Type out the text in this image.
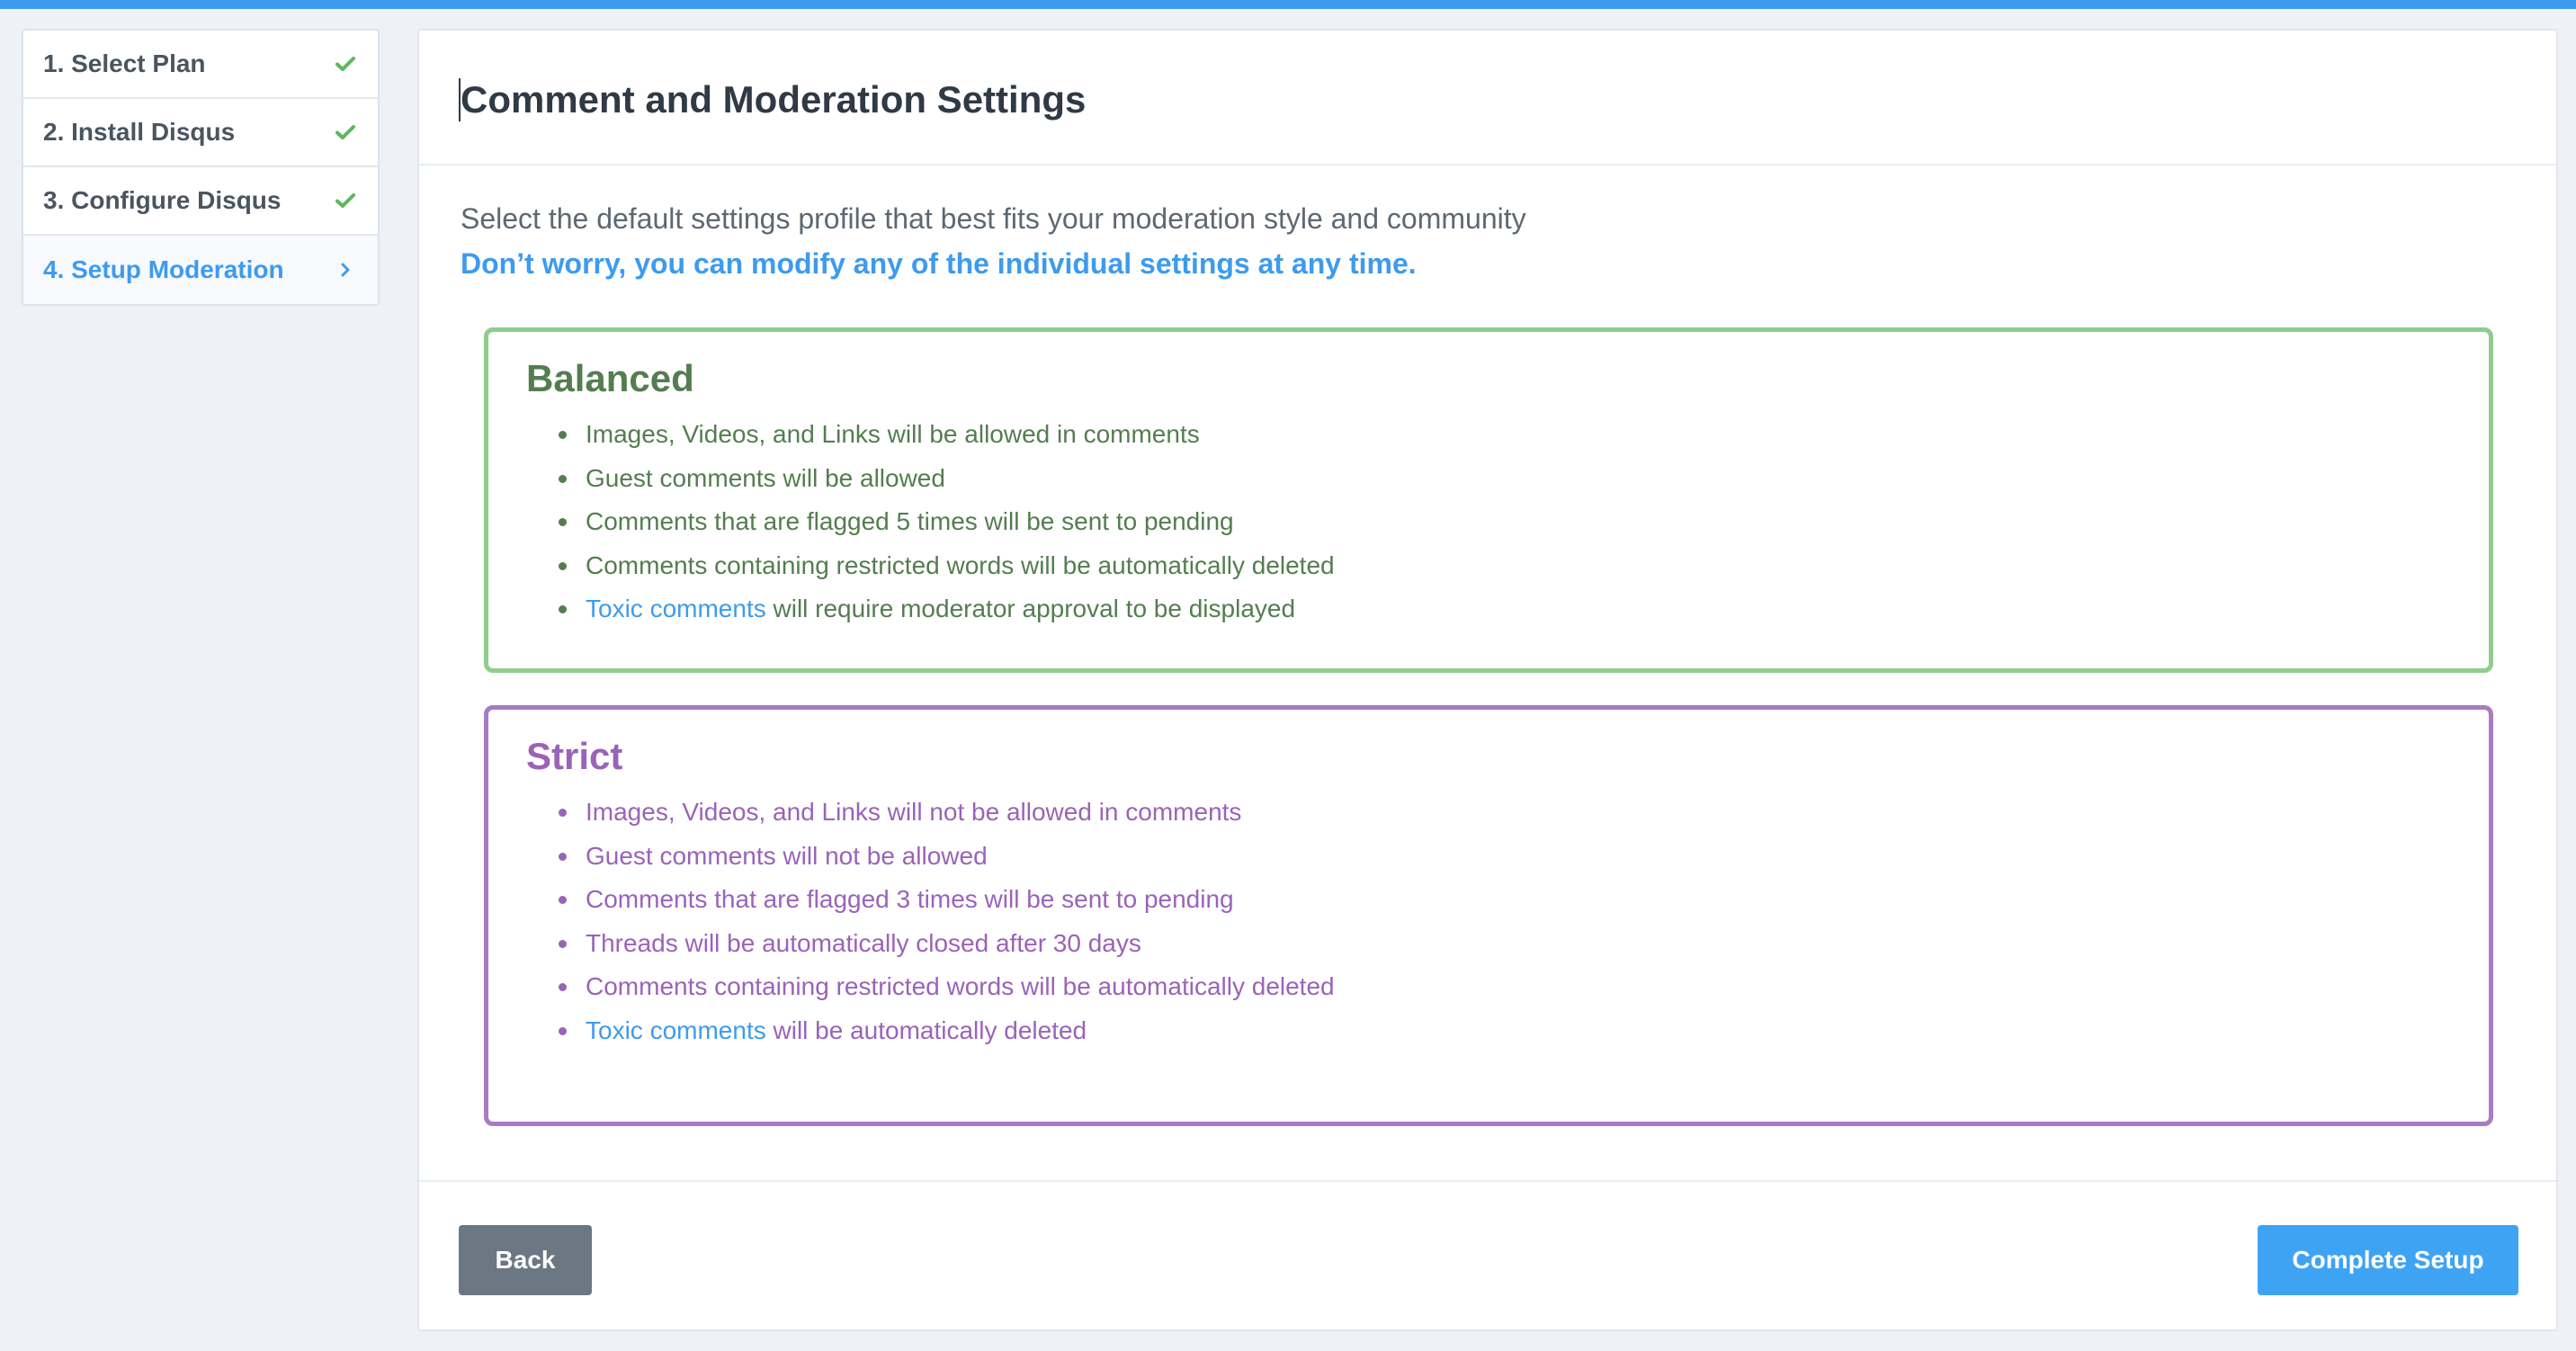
1. Select Plan
2. Install Disqus
3. Configure Disqus
4. Setup Moderation
Comment and Moderation Settings
Select the default settings profile that best fits your moderation style and community
Don’t worry, you can modify any of the individual settings at any time.
Balanced
Images, Videos, and Links will be allowed in comments
Guest comments will be allowed
Comments that are flagged 5 times will be sent to pending
Comments containing restricted words will be automatically deleted
Toxic comments will require moderator approval to be displayed
Strict
Images, Videos, and Links will not be allowed in comments
Guest comments will not be allowed
Comments that are flagged 3 times will be sent to pending
Threads will be automatically closed after 30 days
Comments containing restricted words will be automatically deleted
Toxic comments will be automatically deleted
Back	Complete Setup
